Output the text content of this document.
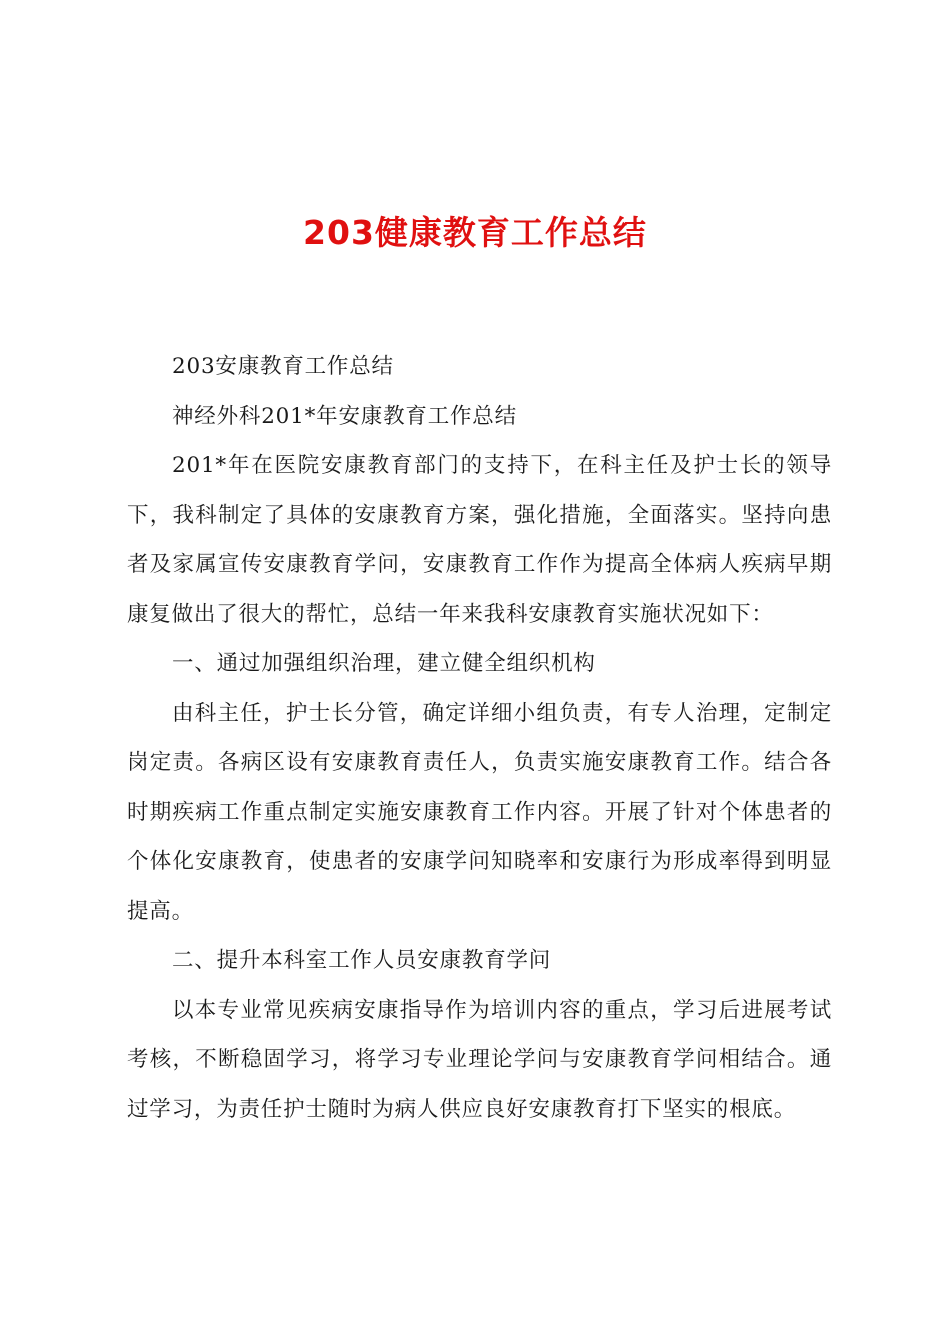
203健康教育工作总结

203安康教育工作总结

神经外科201*年安康教育工作总结

201*年在医院安康教育部门的支持下，在科主任及护士长的领导下，我科制定了具体的安康教育方案，强化措施，全面落实。坚持向患者及家属宣传安康教育学问，安康教育工作作为提高全体病人疾病早期康复做出了很大的帮忙，总结一年来我科安康教育实施状况如下：

一、通过加强组织治理，建立健全组织机构

由科主任，护士长分管，确定详细小组负责，有专人治理，定制定岗定责。各病区设有安康教育责任人，负责实施安康教育工作。结合各时期疾病工作重点制定实施安康教育工作内容。开展了针对个体患者的个体化安康教育，使患者的安康学问知晓率和安康行为形成率得到明显提高。

二、提升本科室工作人员安康教育学问

以本专业常见疾病安康指导作为培训内容的重点，学习后进展考试考核，不断稳固学习，将学习专业理论学问与安康教育学问相结合。通过学习，为责任护士随时为病人供应良好安康教育打下坚实的根底。
